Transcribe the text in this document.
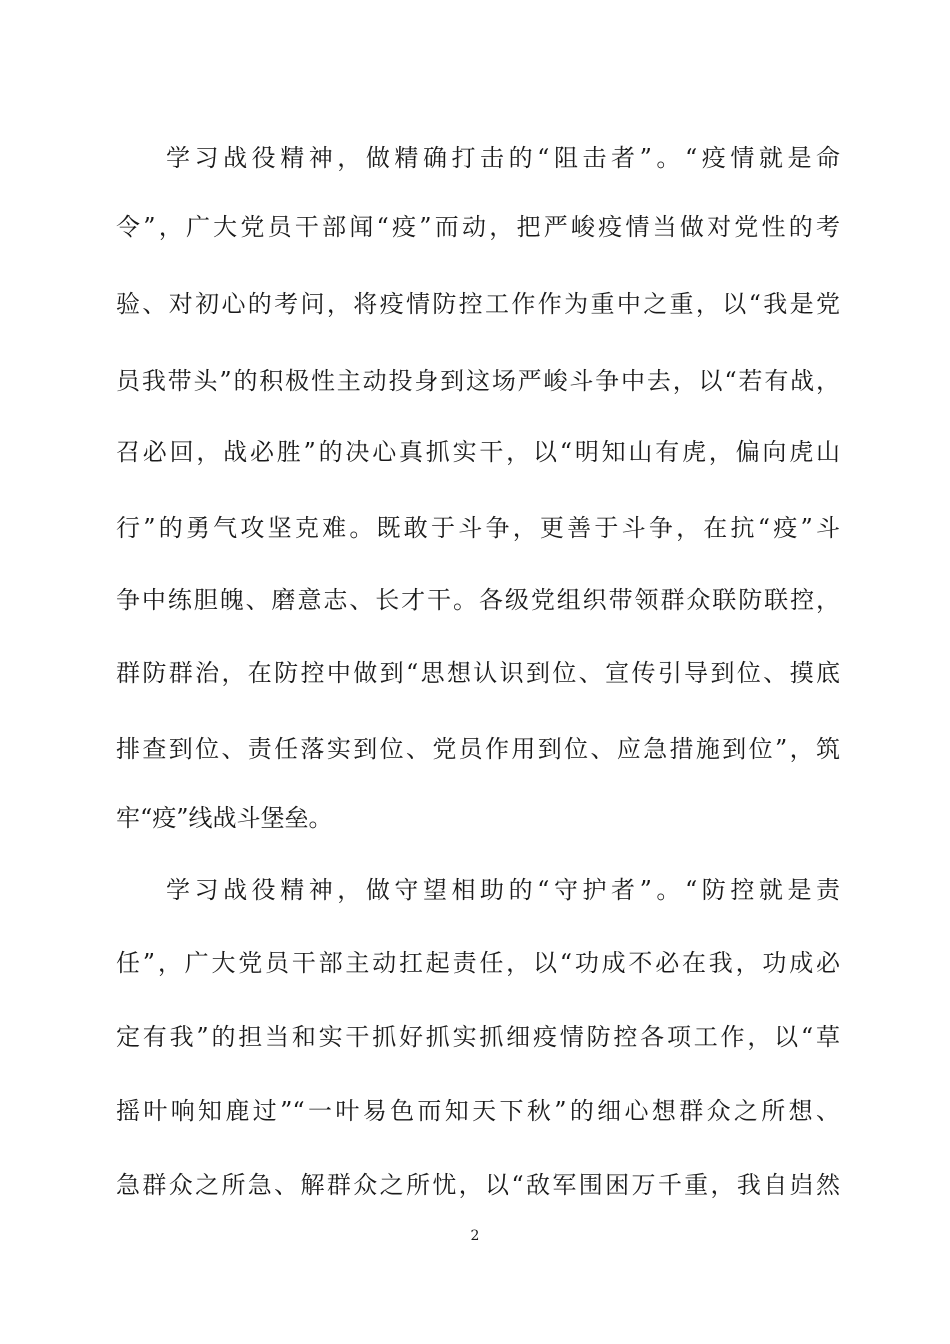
学习战役精神，做精确打击的“阻击者”。“疫情就是命
令”，广大党员干部闻“疫”而动，把严峻疫情当做对党性的考
验、对初心的考问，将疫情防控工作作为重中之重，以“我是党
员我带头”的积极性主动投身到这场严峻斗争中去，以“若有战，
召必回，战必胜”的决心真抓实干，以“明知山有虎，偏向虎山
行”的勇气攻坚克难。既敢于斗争，更善于斗争，在抗“疫”斗
争中练胆魄、磨意志、长才干。各级党组织带领群众联防联控，
群防群治，在防控中做到“思想认识到位、宣传引导到位、摸底
排查到位、责任落实到位、党员作用到位、应急措施到位”，筑
牢“疫”线战斗堡垒。
学习战役精神，做守望相助的“守护者”。“防控就是责
任”，广大党员干部主动扛起责任，以“功成不必在我，功成必
定有我”的担当和实干抓好抓实抓细疫情防控各项工作，以“草
摇叶响知鹿过”“一叶易色而知天下秋”的细心想群众之所想、
急群众之所急、解群众之所忧，以“敌军围困万千重，我自岿然
2
